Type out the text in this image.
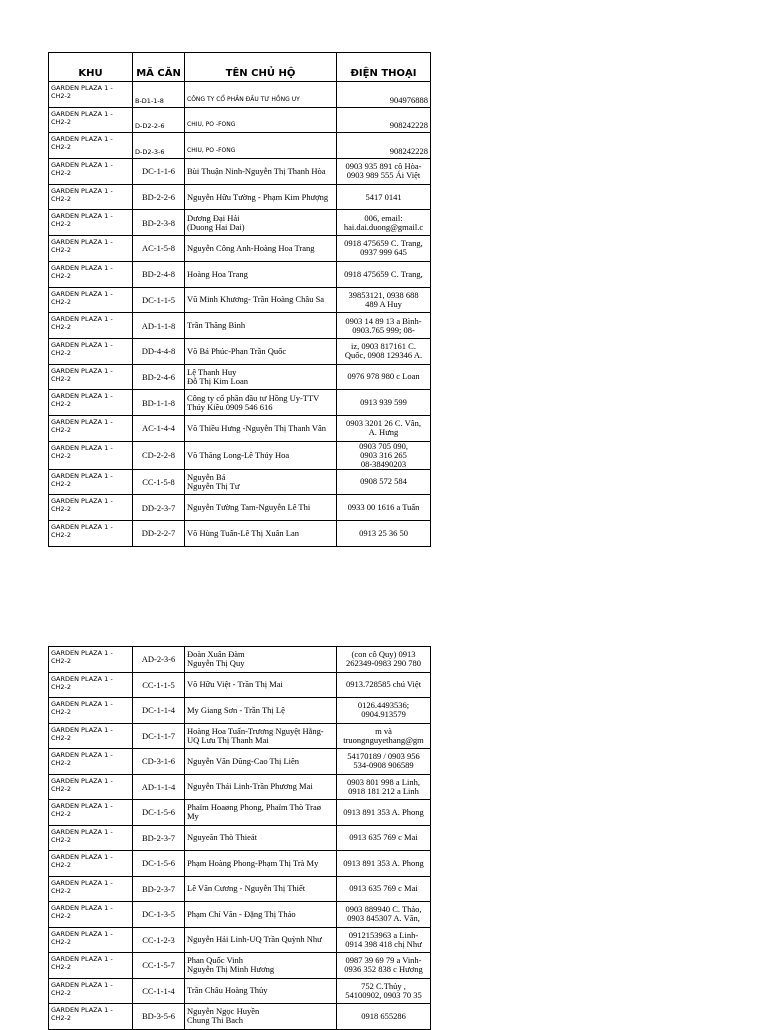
KHU	MÃ CĂN	TÊN CHỦ HỘ	ĐIỆN THOẠI
GARDEN PLAZA 1 - CH2-2	B-D1-1-8	CÔNG TY CỔ PHẦN ĐẦU TƯ HỒNG UY	904976888
GARDEN PLAZA 1 - CH2-2	D-D2-2-6	CHIU, PO -FONG	908242228
GARDEN PLAZA 1 - CH2-2	D-D2-3-6	CHIU, PO -FONG	908242228
GARDEN PLAZA 1 - CH2-2	DC-1-1-6	Bùi Thuận Ninh-Nguyễn Thị Thanh Hòa	0903 935 891 cô Hòa-
0903 989 555 Ái Việt
GARDEN PLAZA 1 - CH2-2	BD-2-2-6	Nguyễn Hữu Tường - Phạm Kim Phượng	5417 0141
GARDEN PLAZA 1 - CH2-2	BD-2-3-8	Dương Đại Hải
(Duong Hai Dai)	006, email:
hai.dai.duong@gmail.c
GARDEN PLAZA 1 - CH2-2	AC-1-5-8	Nguyễn Công Anh-Hoàng Hoa Trang	0918 475659 C. Trang,
0937 999 645
GARDEN PLAZA 1 - CH2-2	BD-2-4-8	Hoàng Hoa Trang	0918 475659 C. Trang,
GARDEN PLAZA 1 - CH2-2	DC-1-1-5	Vũ Minh Khương- Trần Hoàng Châu Sa	39853121, 0938 688
489 A Huy
GARDEN PLAZA 1 - CH2-2	AD-1-1-8	Trần Thăng Bình	0903 14 89 13 a Bình-
0903.765 999; 08-
GARDEN PLAZA 1 - CH2-2	DD-4-4-8	Võ Bá Phúc-Phan Trần Quốc	iz, 0903 817161 C.
Quốc, 0908 129346 A.
GARDEN PLAZA 1 - CH2-2	BD-2-4-6	Lệ Thanh Huy
Đỗ Thị Kim Loan	0976 978 980 c Loan
GARDEN PLAZA 1 - CH2-2	BD-1-1-8	Công ty cổ phần đầu tư Hồng Uy-TTV
Thúy Kiều 0909 546 616	0913 939 599
GARDEN PLAZA 1 - CH2-2	AC-1-4-4	Võ Thiều Hưng -Nguyễn Thị Thanh Vân	0903 3201 26 C. Vân,
A. Hưng
GARDEN PLAZA 1 - CH2-2	CD-2-2-8	Võ Thăng Long-Lê Thúy Hoa	0903 705 090,
0903 316 265
08-38490203
GARDEN PLAZA 1 - CH2-2	CC-1-5-8	Nguyễn Bá
Nguyễn Thị Tư	0908 572 584
GARDEN PLAZA 1 - CH2-2	DD-2-3-7	Nguyễn Tường Tam-Nguyễn Lê Thi	0933 00 1616 a Tuấn
GARDEN PLAZA 1 - CH2-2	DD-2-2-7	Võ Hùng Tuấn-Lê Thị Xuân Lan	0913 25 36 50
GARDEN PLAZA 1 - CH2-2	AD-2-3-6	Đoàn Xuân Đàm
Nguyễn Thị Quy	(con cô Quy) 0913
262349-0983 290 780
GARDEN PLAZA 1 - CH2-2	CC-1-1-5	Võ Hữu Việt - Trần Thị Mai	0913.728585 chú Việt
GARDEN PLAZA 1 - CH2-2	DC-1-1-4	My Giang Sơn - Trần Thị Lệ	0126.4493536;
0904.913579
GARDEN PLAZA 1 - CH2-2	DC-1-1-7	Hoàng Hoa Tuấn-Trương Nguyệt Hằng-
UQ Lưu Thị Thanh Mai	m và
truongnguyethang@gm
GARDEN PLAZA 1 - CH2-2	CD-3-1-6	Nguyễn Văn Dũng-Cao Thị Liên	54170189 / 0903 956
534-0908 906589
GARDEN PLAZA 1 - CH2-2	AD-1-1-4	Nguyễn Thái Linh-Trần Phương Mai	0903 801 998 a Linh,
0918 181 212 a Linh
GARDEN PLAZA 1 - CH2-2	DC-1-5-6	Phaïm Hoaøng Phong, Phaïm Thò Traø
My	0913 891 353 A. Phong
GARDEN PLAZA 1 - CH2-2	BD-2-3-7	Nguyeãn Thò Thieát	0913 635 769 c Mai
GARDEN PLAZA 1 - CH2-2	DC-1-5-6	Phạm Hoàng Phong-Phạm Thị Trà My	0913 891 353 A. Phong
GARDEN PLAZA 1 - CH2-2	BD-2-3-7	Lê Văn Cương - Nguyễn Thị Thiết	0913 635 769 c Mai
GARDEN PLAZA 1 - CH2-2	DC-1-3-5	Phạm Chí Văn - Đặng Thị Thảo	0903 889940 C. Thảo,
0903 845307 A. Văn,
GARDEN PLAZA 1 - CH2-2	CC-1-2-3	Nguyễn Hải Linh-UQ Trần Quỳnh Như	0912153963 a Linh-
0914 398 418 chị Như
GARDEN PLAZA 1 - CH2-2	CC-1-5-7	Phan Quốc Vinh
Nguyễn Thị Minh Hương	0987 39 69 79 a Vinh-
0936 352 838 c Hương
GARDEN PLAZA 1 - CH2-2	CC-1-1-4	Trần Châu Hoàng Thủy	752 C.Thủy ,
54100902, 0903 70 35
GARDEN PLAZA 1 - CH2-2	BD-3-5-6	Nguyễn Ngọc Huyền
Chung Thi Bach	0918 655286
